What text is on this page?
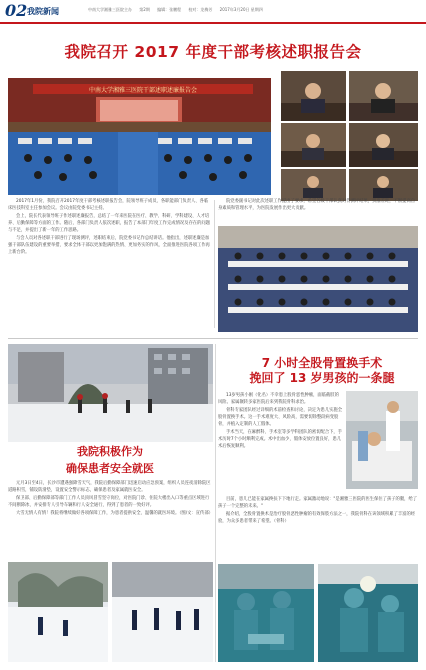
02 我院新闻	中南大学湘雅三医院主办 第2期 编辑：张鹏程 校对：龙梅芳 2017年3月20日 星期四
我院召开 2017 年度干部考核述职报告会
中南大学湘雅三医院干部述职述廉报告会

2017年1月份，我院召开2017年度干部考核述职报告会，院领导班子成员、各职能部门负责人、各临床医技科室主任参加会议。会议由院党委书记主持。

会上，院长代表领导班子作述职述廉报告，总结了一年来医院在医疗、教学、科研、学科建设、人才培养、后勤保障等方面的工作。随后，各部门负责人依次述职，报告了本部门年度工作完成情况及存在的问题与不足，并提出了新一年的工作思路。

与会人员对各述职干部进行了现场测评，述职结束后，院党委书记作总结讲话。他指出，述职述廉是加强干部队伍建设的重要举措，要求全体干部以更加饱满的热情、更加务实的作风，全面推进医院各项工作再上新台阶。

院党委副书记对此次述职工作提出了要求，希望各级干部认真对待测评结果，找准差距，不断提高自身素质和管理水平，为医院发展作出更大贡献。

我院积极作为
确保患者安全就医

元月3日至4日，长沙市遭遇强降雪天气，我院后勤保障部门迅速启动应急预案，组织人员连夜清除院区道路积雪，铺设防滑垫，设置安全警示标志，确保患者及家属就医安全。

保卫部、后勤保障部等部门工作人员顶风冒雪坚守岗位，对医院门诊、住院大楼出入口等重点区域进行不间断除冰，并安排专人引导车辆和行人安全通行，得到了患者的一致好评。

大雪无情人有情！我院将继续做好各项保障工作，为患者提供安全、温馨的就医环境。（图/文：宣传部）

7 小时全股骨置换手术
挽回了 13 岁男孩的一条腿

13岁男孩小刚（化名）不幸患上股骨恶性肿瘤，面临截肢的风险。家属辗转多家医院后来到我院骨科求治。

骨科专家团队经过详细的术前检查和讨论，决定为患儿实施全股骨置换手术。这一手术难度大、风险高，需要切除整段病变股骨，并植入定制的人工假体。

手术当天，在麻醉科、手术室等多学科团队的密切配合下，手术历时7个小时顺利完成。术中出血少，假体安放位置良好，患儿术后恢复顺利。

目前，患儿已能在家属搀扶下下地行走。家属激动地说："是湘雅三医院的医生保住了孩子的腿，给了孩子一个完整的未来。"

据介绍，全股骨置换术是治疗股骨恶性肿瘤的有效保肢方法之一，我院骨科在该领域积累了丰富的经验，为众多患者带来了希望。（骨科）
